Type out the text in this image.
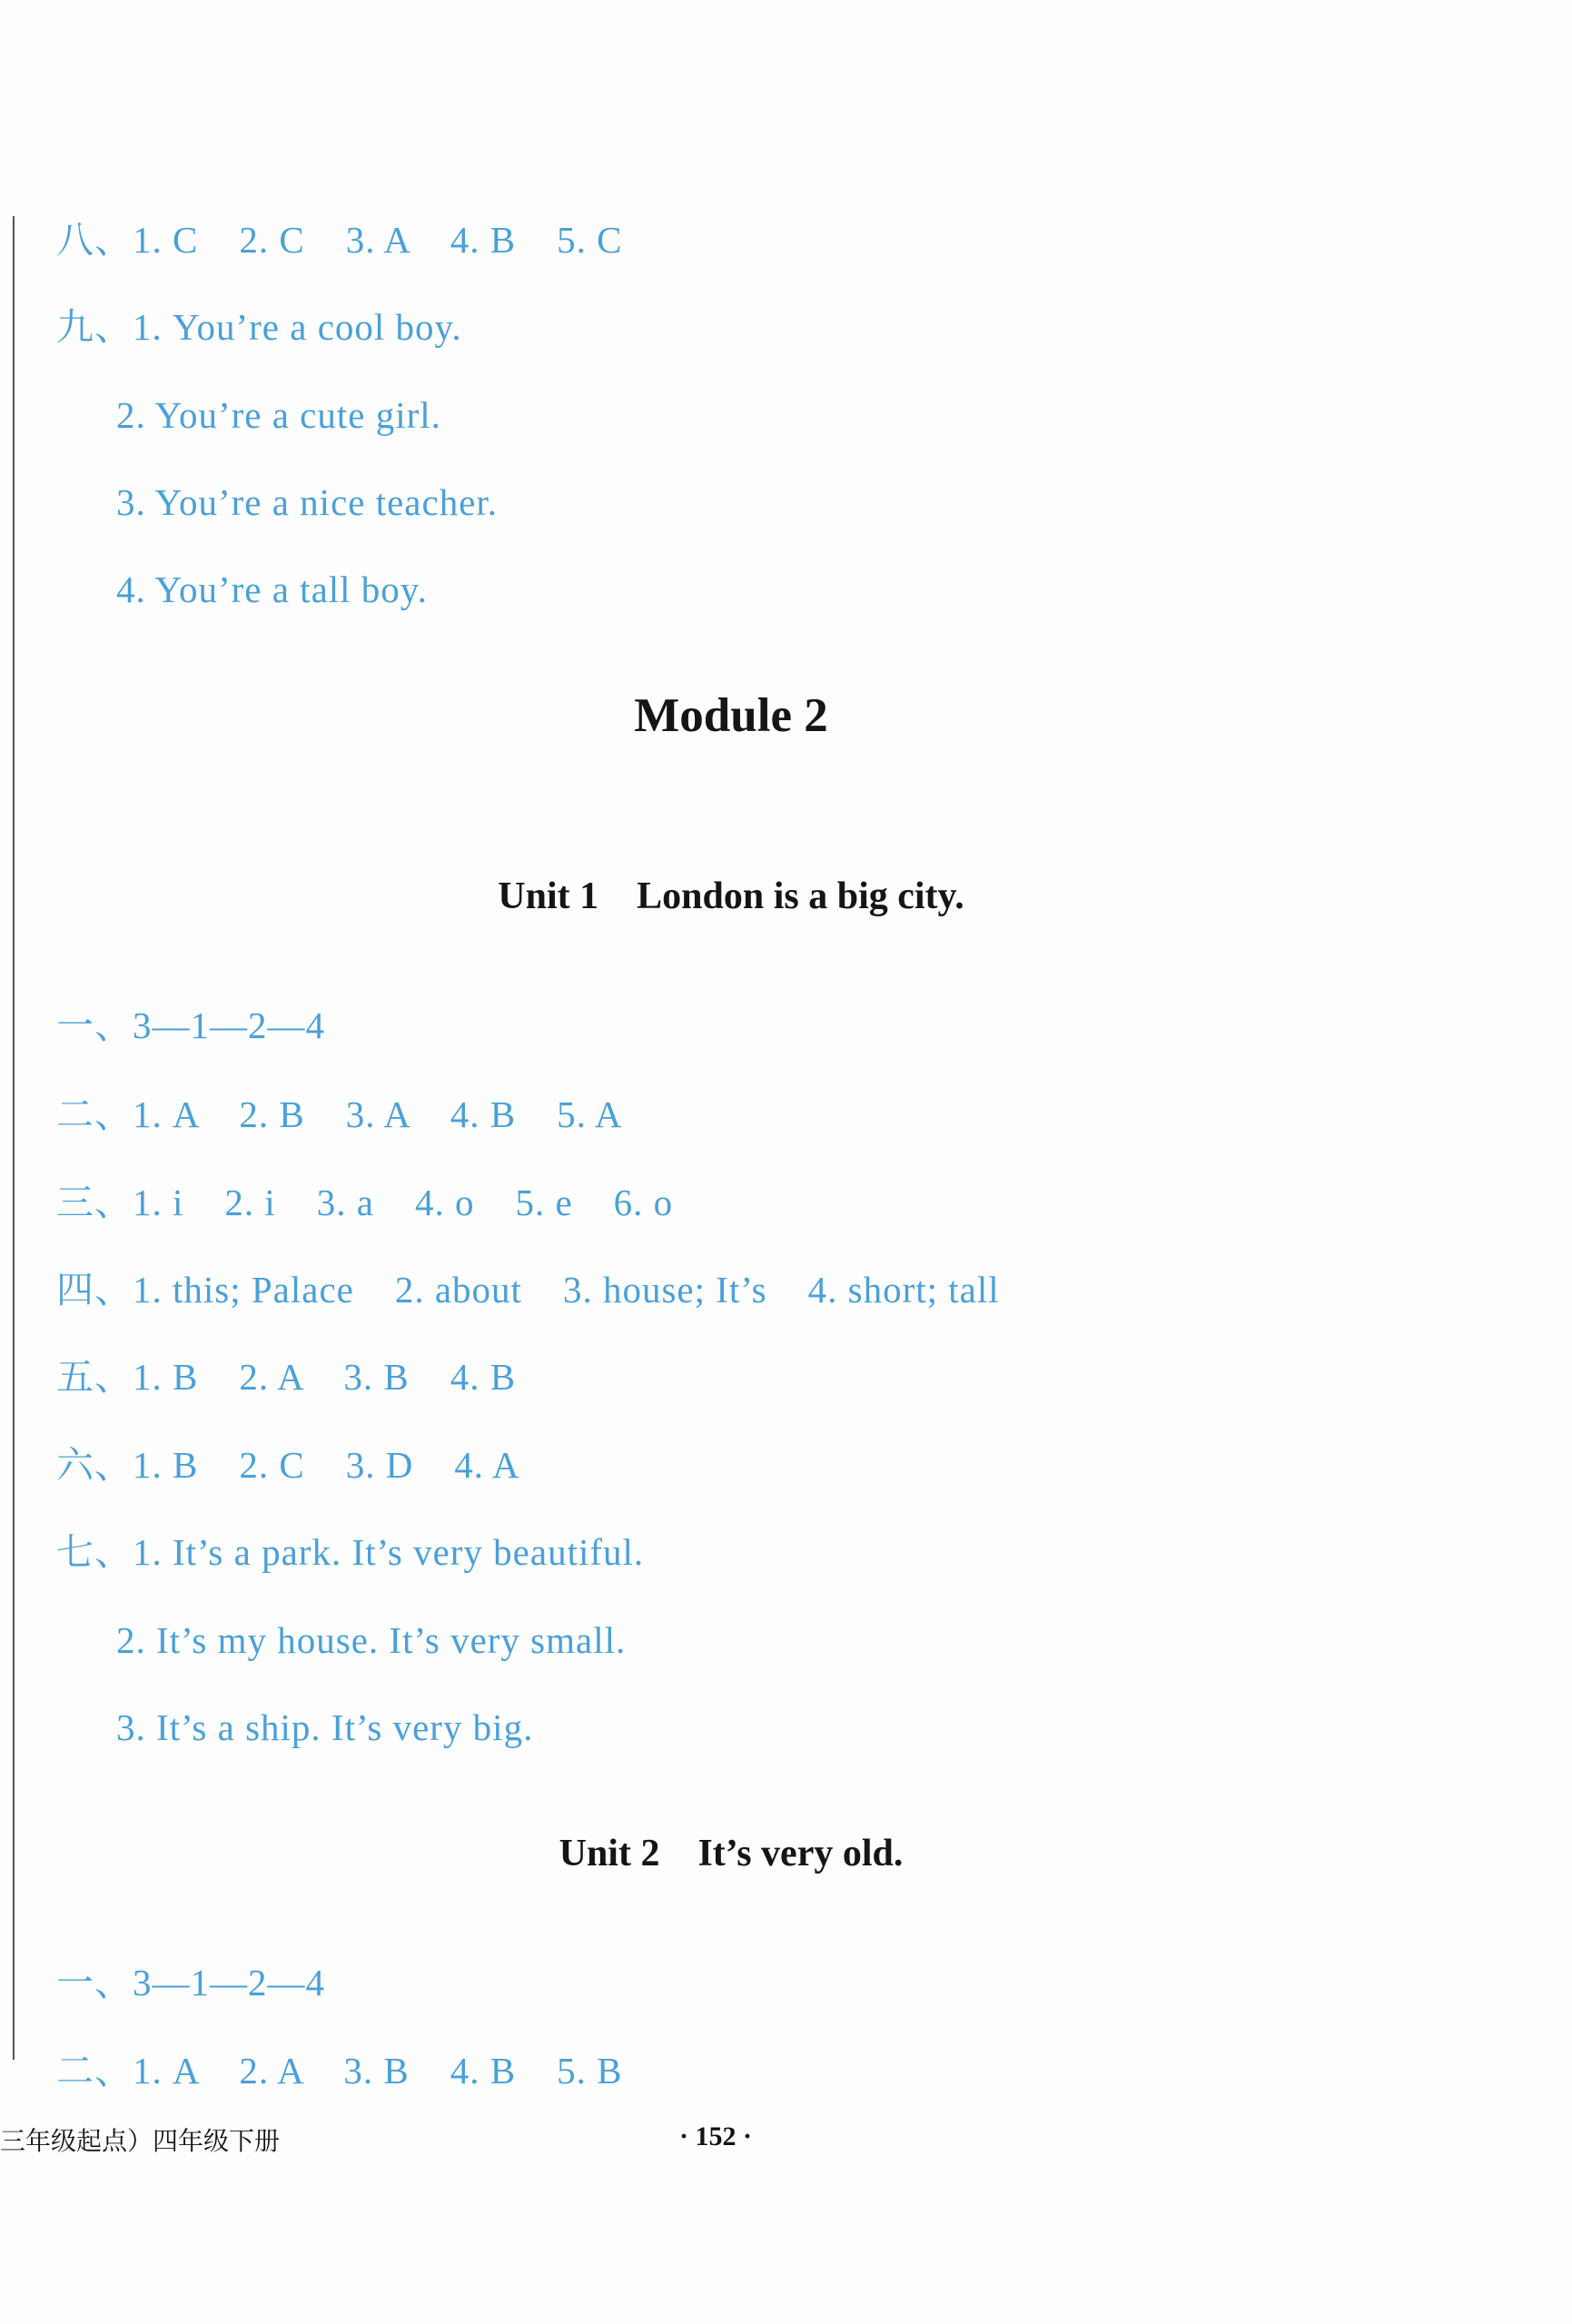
八、1. C    2. C    3. A    4. B    5. C
九、1. You’re a cool boy.
2. You’re a cute girl.
3. You’re a nice teacher.
4. You’re a tall boy.
Module 2
Unit 1    London is a big city.
一、3—1—2—4
二、1. A    2. B    3. A    4. B    5. A
三、1. i    2. i    3. a    4. o    5. e    6. o
四、1. this; Palace    2. about    3. house; It’s    4. short; tall
五、1. B    2. A    3. B    4. B
六、1. B    2. C    3. D    4. A
七、1. It’s a park. It’s very beautiful.
2. It’s my house. It’s very small.
3. It’s a ship. It’s very big.
Unit 2    It’s very old.
一、3—1—2—4
二、1. A    2. A    3. B    4. B    5. B
三年级起点）四年级下册	· 152 ·
